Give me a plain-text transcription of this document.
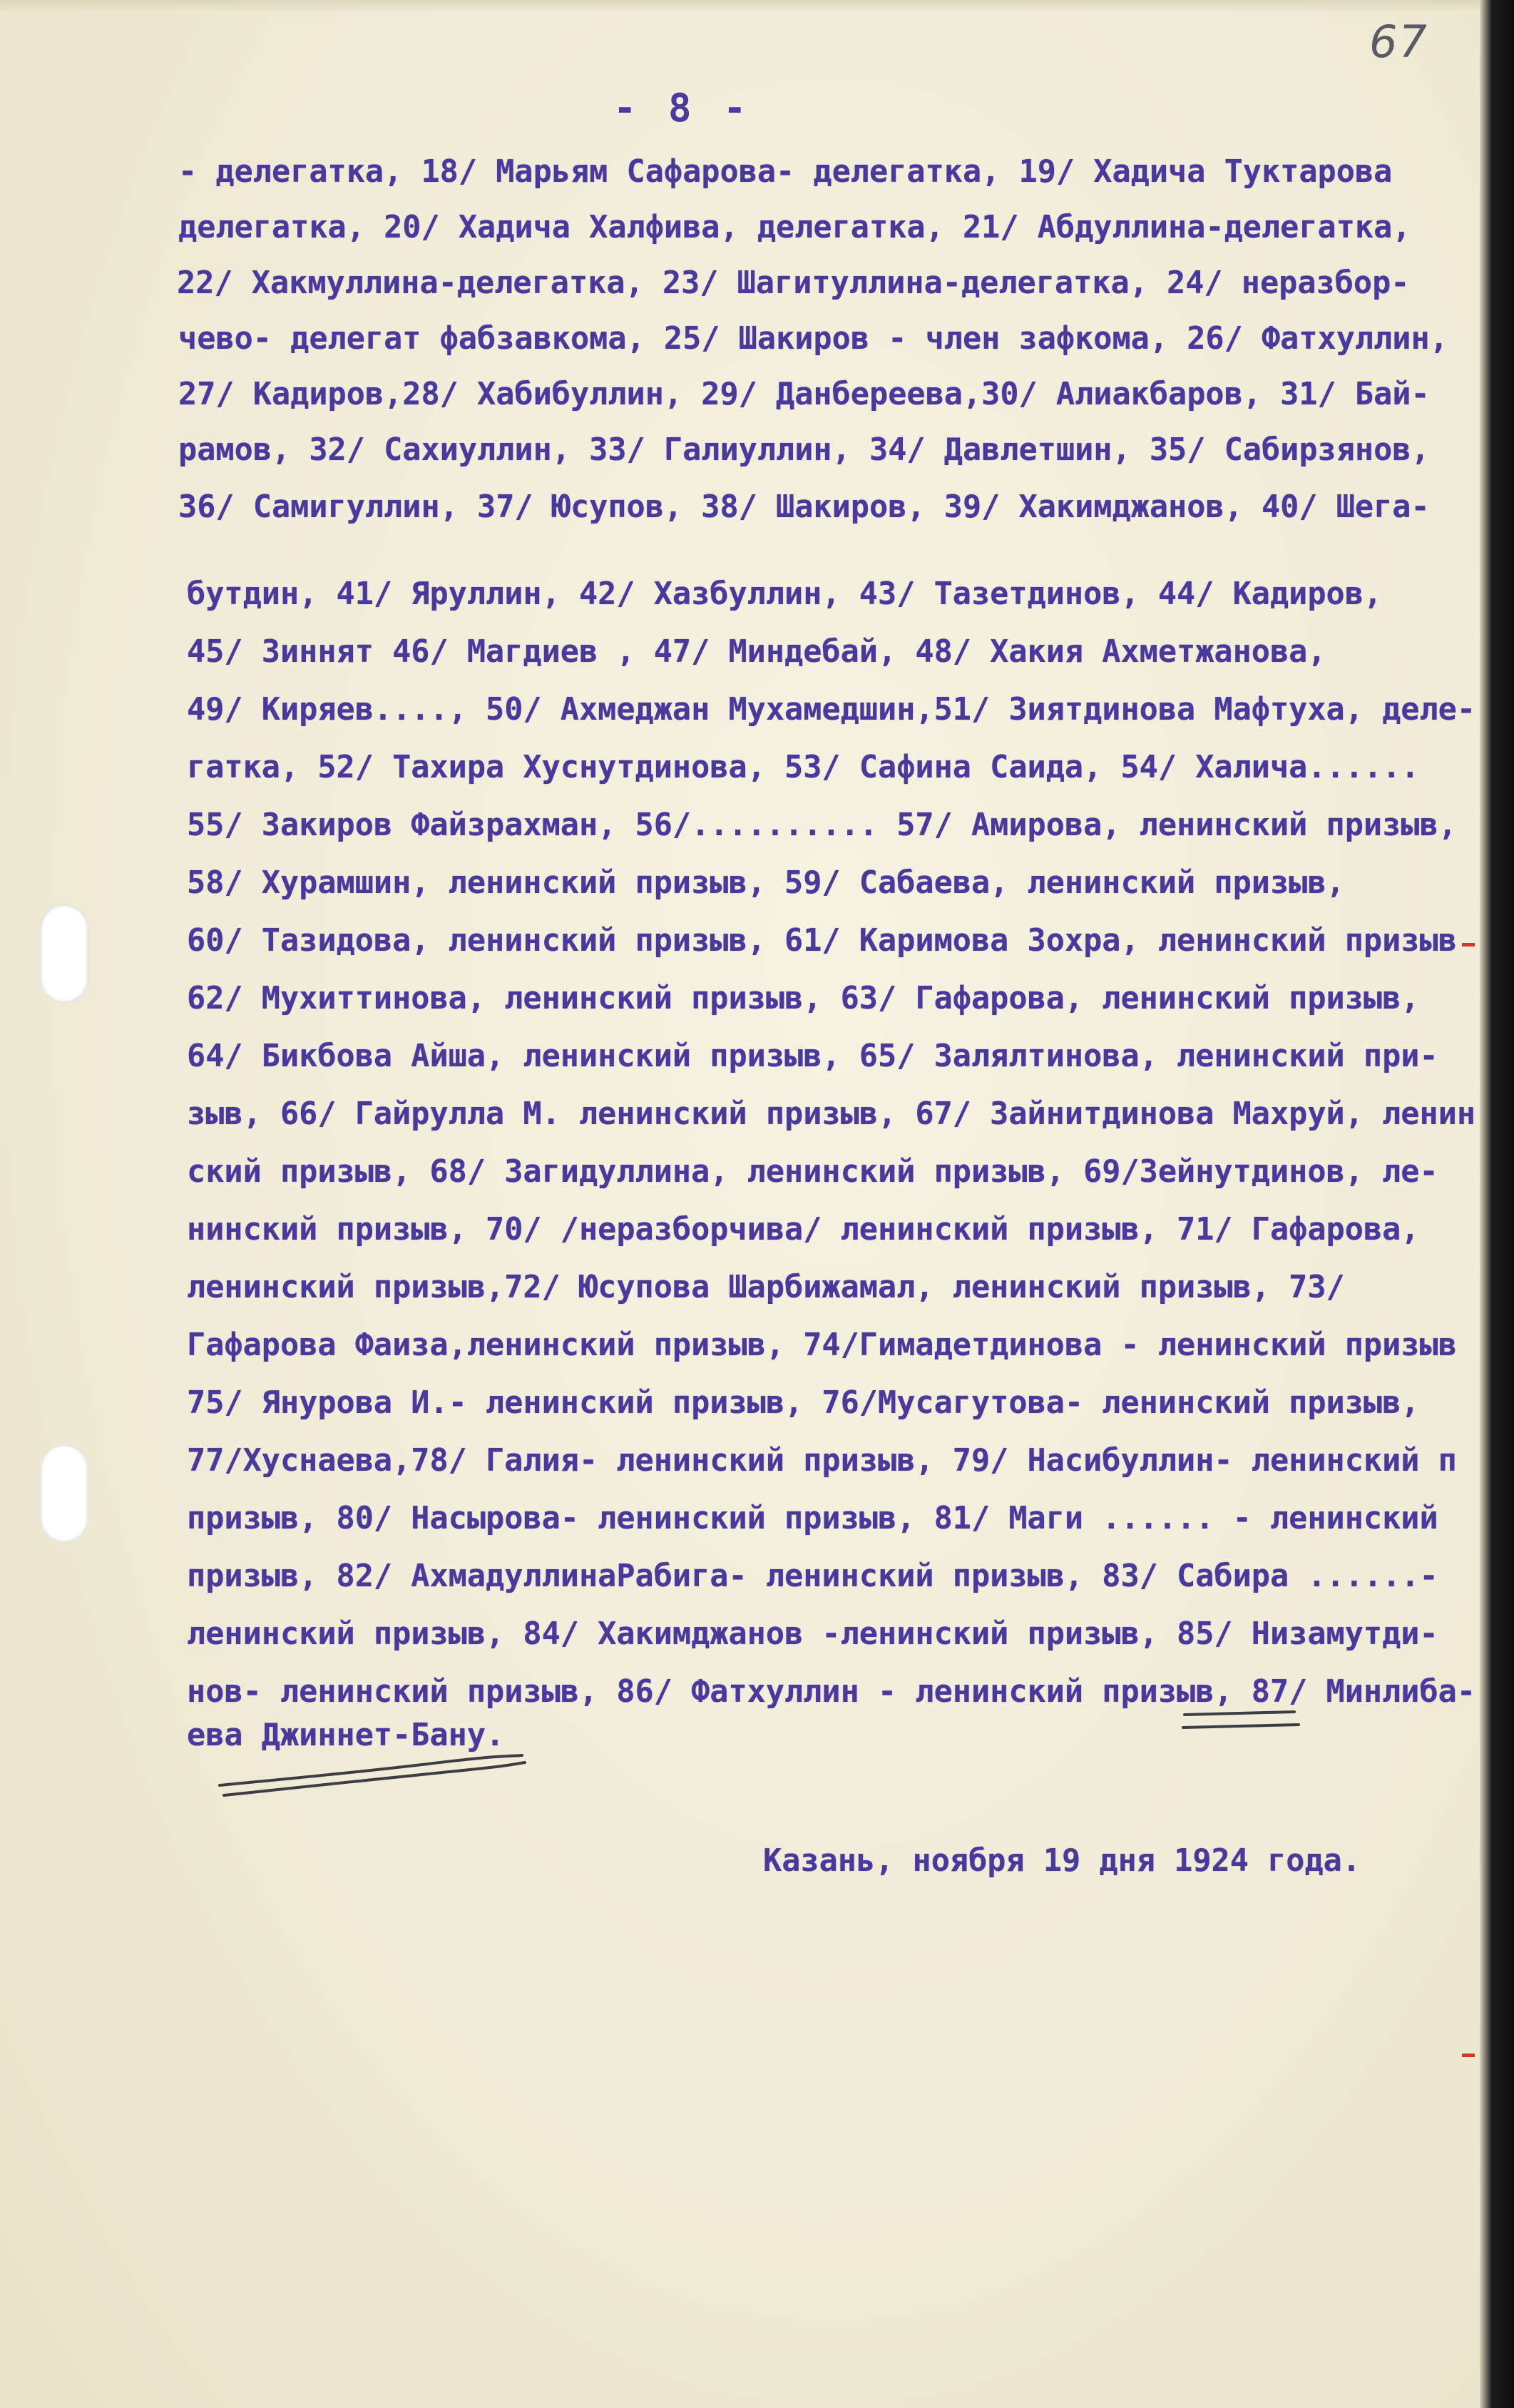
67
- 8 -
- делегатка, 18/ Марьям Сафарова- делегатка, 19/ Хадича Туктарова
делегатка, 20/ Хадича Халфива, делегатка, 21/ Абдуллина-делегатка,
22/ Хакмуллина-делегатка, 23/ Шагитуллина-делегатка, 24/ неразбор-
чево- делегат фабзавкома, 25/ Шакиров - член зафкома, 26/ Фатхуллин,
27/ Кадиров,28/ Хабибуллин, 29/ Данбереева,30/ Алиакбаров, 31/ Бай-
рамов, 32/ Сахиуллин, 33/ Галиуллин, 34/ Давлетшин, 35/ Сабирзянов,
36/ Самигуллин, 37/ Юсупов, 38/ Шакиров, 39/ Хакимджанов, 40/ Шега-
бутдин, 41/ Яруллин, 42/ Хазбуллин, 43/ Тазетдинов, 44/ Кадиров,
45/ Зиннят 46/ Магдиев , 47/ Миндебай, 48/ Хакия Ахметжанова,
49/ Киряев...., 50/ Ахмеджан Мухамедшин,51/ Зиятдинова Мафтуха, деле-
гатка, 52/ Тахира Хуснутдинова, 53/ Сафина Саида, 54/ Халича......
55/ Закиров Файзрахман, 56/.......... 57/ Амирова, ленинский призыв,
58/ Хурамшин, ленинский призыв, 59/ Сабаева, ленинский призыв,
60/ Тазидова, ленинский призыв, 61/ Каримова Зохра, ленинский призыв
62/ Мухиттинова, ленинский призыв, 63/ Гафарова, ленинский призыв,
64/ Бикбова Айша, ленинский призыв, 65/ Залялтинова, ленинский при-
зыв, 66/ Гайрулла М. ленинский призыв, 67/ Зайнитдинова Махруй, ленин
ский призыв, 68/ Загидуллина, ленинский призыв, 69/Зейнутдинов, ле-
нинский призыв, 70/ /неразборчива/ ленинский призыв, 71/ Гафарова,
ленинский призыв,72/ Юсупова Шарбижамал, ленинский призыв, 73/
Гафарова Фаиза,ленинский призыв, 74/Гимадетдинова - ленинский призыв
75/ Янурова И.- ленинский призыв, 76/Мусагутова- ленинский призыв,
77/Хуснаева,78/ Галия- ленинский призыв, 79/ Насибуллин- ленинский п
призыв, 80/ Насырова- ленинский призыв, 81/ Маги ...... - ленинский
призыв, 82/ АхмадуллинаРабига- ленинский призыв, 83/ Сабира ......-
ленинский призыв, 84/ Хакимджанов -ленинский призыв, 85/ Низамутди-
нов- ленинский призыв, 86/ Фатхуллин - ленинский призыв, 87/ Минлиба-
ева Джиннет-Бану.
Казань, ноября 19 дня 1924 года.
